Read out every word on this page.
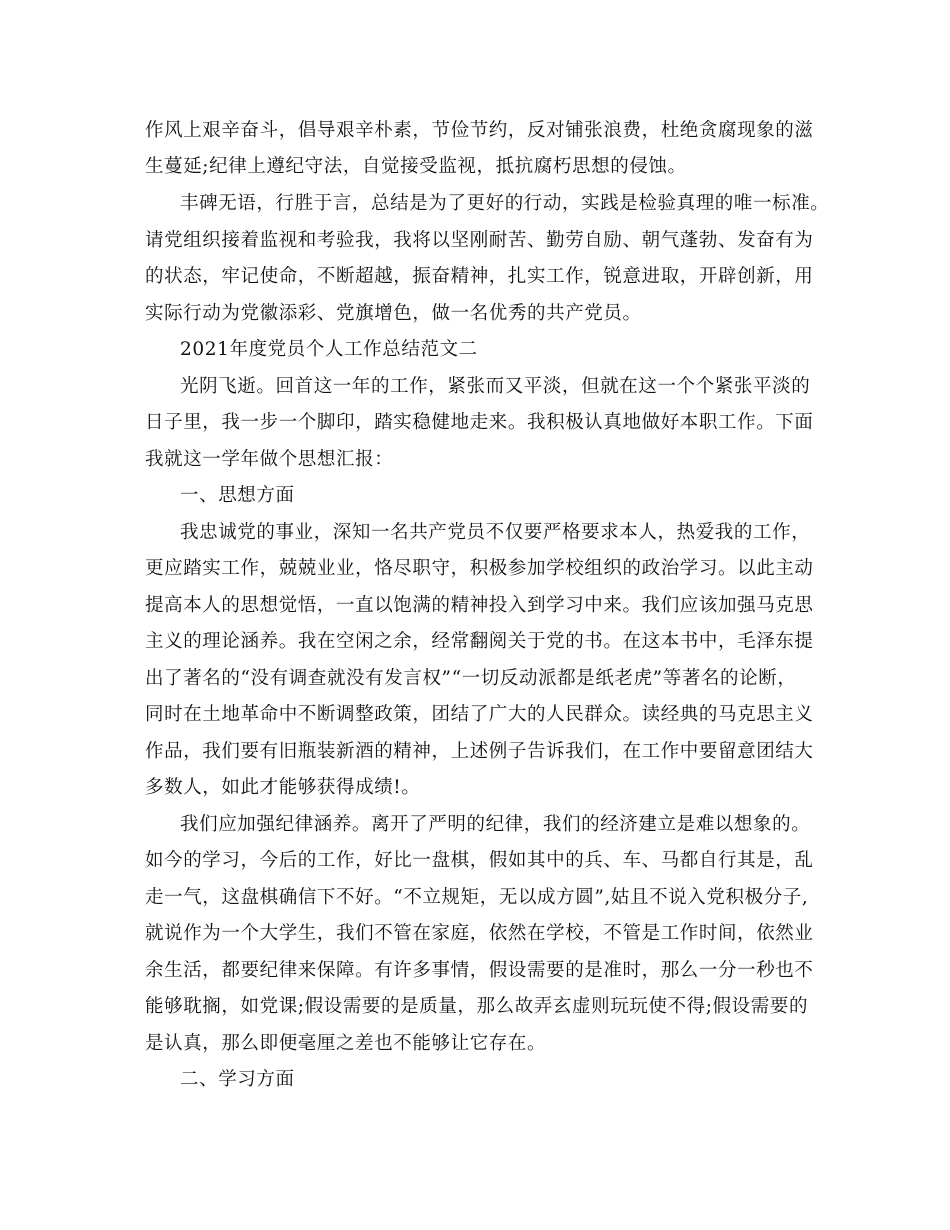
作风上艰辛奋斗，倡导艰辛朴素，节俭节约，反对铺张浪费，杜绝贪腐现象的滋
生蔓延;纪律上遵纪守法，自觉接受监视，抵抗腐朽思想的侵蚀。
丰碑无语，行胜于言，总结是为了更好的行动，实践是检验真理的唯一标准。
请党组织接着监视和考验我，我将以坚刚耐苦、勤劳自励、朝气蓬勃、发奋有为
的状态，牢记使命，不断超越，振奋精神，扎实工作，锐意进取，开辟创新，用
实际行动为党徽添彩、党旗增色，做一名优秀的共产党员。
2021年度党员个人工作总结范文二
光阴飞逝。回首这一年的工作，紧张而又平淡，但就在这一个个紧张平淡的
日子里，我一步一个脚印，踏实稳健地走来。我积极认真地做好本职工作。下面
我就这一学年做个思想汇报：
一、思想方面
我忠诚党的事业，深知一名共产党员不仅要严格要求本人，热爱我的工作，
更应踏实工作，兢兢业业，恪尽职守，积极参加学校组织的政治学习。以此主动
提高本人的思想觉悟，一直以饱满的精神投入到学习中来。我们应该加强马克思
主义的理论涵养。我在空闲之余，经常翻阅关于党的书。在这本书中，毛泽东提
出了著名的“没有调查就没有发言权”“一切反动派都是纸老虎”等著名的论断，
同时在土地革命中不断调整政策，团结了广大的人民群众。读经典的马克思主义
作品，我们要有旧瓶装新酒的精神，上述例子告诉我们，在工作中要留意团结大
多数人，如此才能够获得成绩!。
我们应加强纪律涵养。离开了严明的纪律，我们的经济建立是难以想象的。
如今的学习，今后的工作，好比一盘棋，假如其中的兵、车、马都自行其是，乱
走一气，这盘棋确信下不好。“不立规矩，无以成方圆”,姑且不说入党积极分子,
就说作为一个大学生，我们不管在家庭，依然在学校，不管是工作时间，依然业
余生活，都要纪律来保障。有许多事情，假设需要的是准时，那么一分一秒也不
能够耽搁，如党课;假设需要的是质量，那么故弄玄虚则玩玩使不得;假设需要的
是认真，那么即便毫厘之差也不能够让它存在。
二、学习方面
